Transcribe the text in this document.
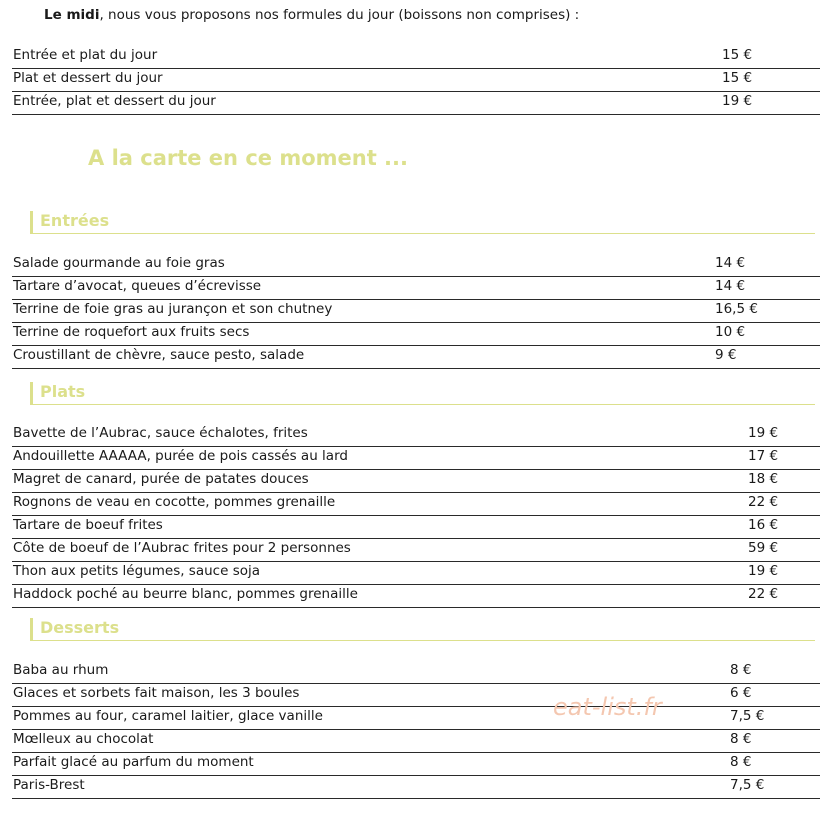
Le midi, nous vous proposons nos formules du jour (boissons non comprises) :

Entrée et plat du jour	15 €
Plat et dessert du jour	15 €
Entrée, plat et dessert du jour	19 €
A la carte en ce moment ...
Entrées
Salade gourmande au foie gras	14 €
Tartare d’avocat, queues d’écrevisse	14 €
Terrine de foie gras au jurançon et son chutney	16,5 €
Terrine de roquefort aux fruits secs	10 €
Croustillant de chèvre, sauce pesto, salade	9 €
Plats
Bavette de l’Aubrac, sauce échalotes, frites	19 €
Andouillette AAAAA, purée de pois cassés au lard	17 €
Magret de canard, purée de patates douces	18 €
Rognons de veau en cocotte, pommes grenaille	22 €
Tartare de boeuf frites	16 €
Côte de boeuf de l’Aubrac frites pour 2 personnes	59 €
Thon aux petits légumes, sauce soja	19 €
Haddock poché au beurre blanc, pommes grenaille	22 €
Desserts
Baba au rhum	8 €
Glaces et sorbets fait maison, les 3 boules	6 €
Pommes au four, caramel laitier, glace vanille	7,5 €
Mœlleux au chocolat	8 €
Parfait glacé au parfum du moment	8 €
Paris-Brest	7,5 €
eat-list.fr
